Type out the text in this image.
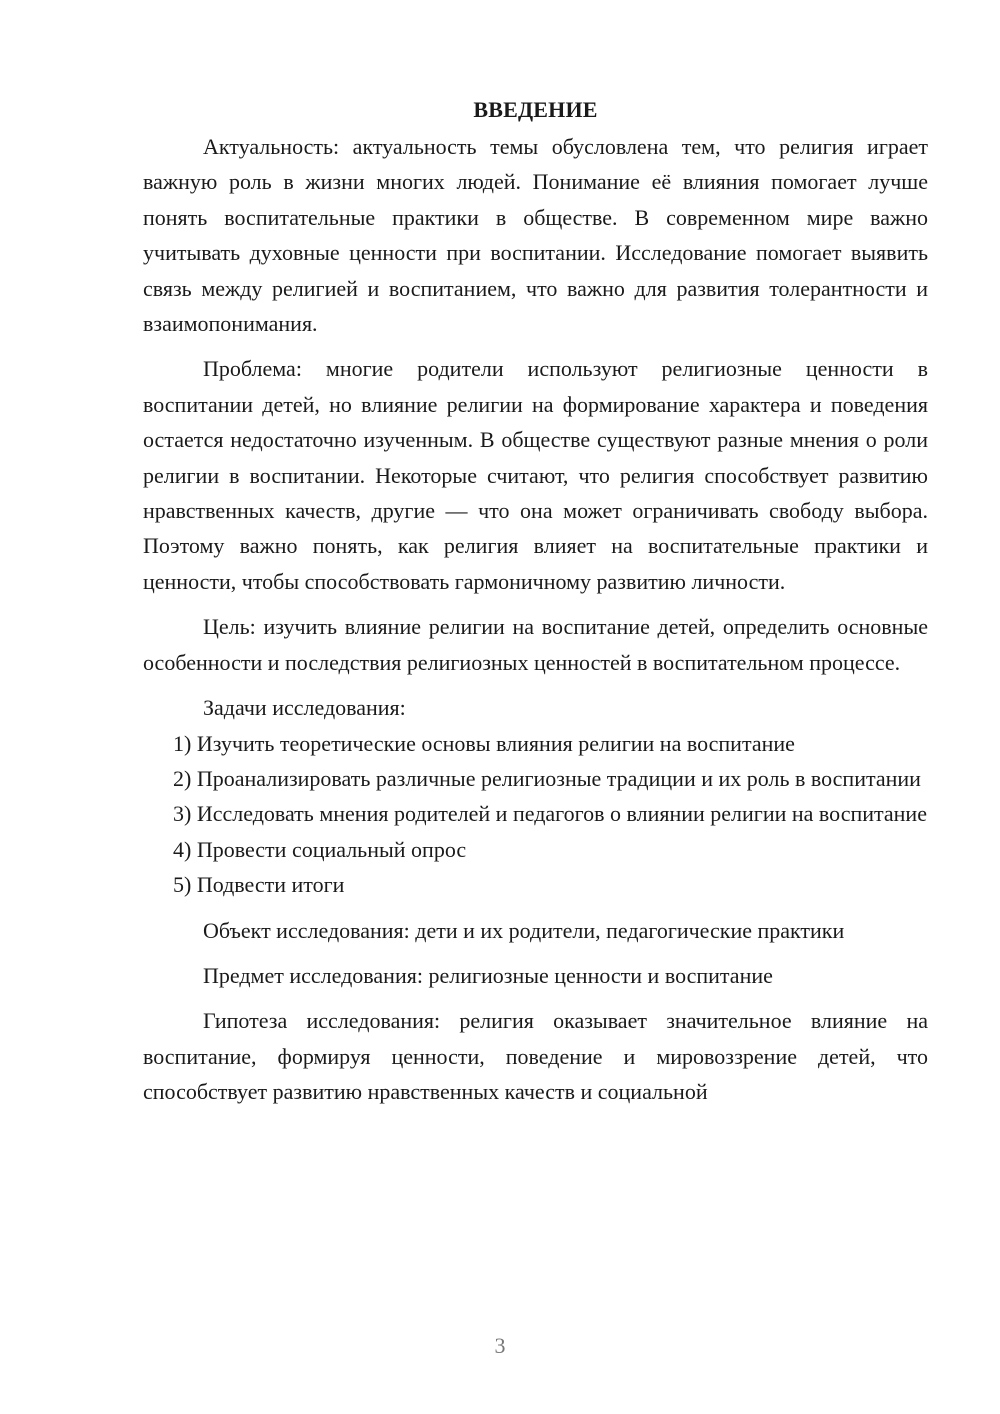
ВВЕДЕНИЕ

Актуальность: актуальность темы обусловлена тем, что религия играет важную роль в жизни многих людей. Понимание её влияния помогает лучше понять воспитательные практики в обществе. В современном мире важно учитывать духовные ценности при воспитании. Исследование помогает выявить связь между религией и воспитанием, что важно для развития толерантности и взаимопонимания.

Проблема: многие родители используют религиозные ценности в воспитании детей, но влияние религии на формирование характера и поведения остается недостаточно изученным. В обществе существуют разные мнения о роли религии в воспитании. Некоторые считают, что религия способствует развитию нравственных качеств, другие — что она может ограничивать свободу выбора. Поэтому важно понять, как религия влияет на воспитательные практики и ценности, чтобы способствовать гармоничному развитию личности.

Цель: изучить влияние религии на воспитание детей, определить основные особенности и последствия религиозных ценностей в воспитательном процессе.

Задачи исследования:

1) Изучить теоретические основы влияния религии на воспитание

2) Проанализировать различные религиозные традиции и их роль в воспитании

3) Исследовать мнения родителей и педагогов о влиянии религии на воспитание

4) Провести социальный опрос

5) Подвести итоги

Объект исследования: дети и их родители, педагогические практики

Предмет исследования: религиозные ценности и воспитание

Гипотеза исследования: религия оказывает значительное влияние на воспитание, формируя ценности, поведение и мировоззрение детей, что способствует развитию нравственных качеств и социальной

3
